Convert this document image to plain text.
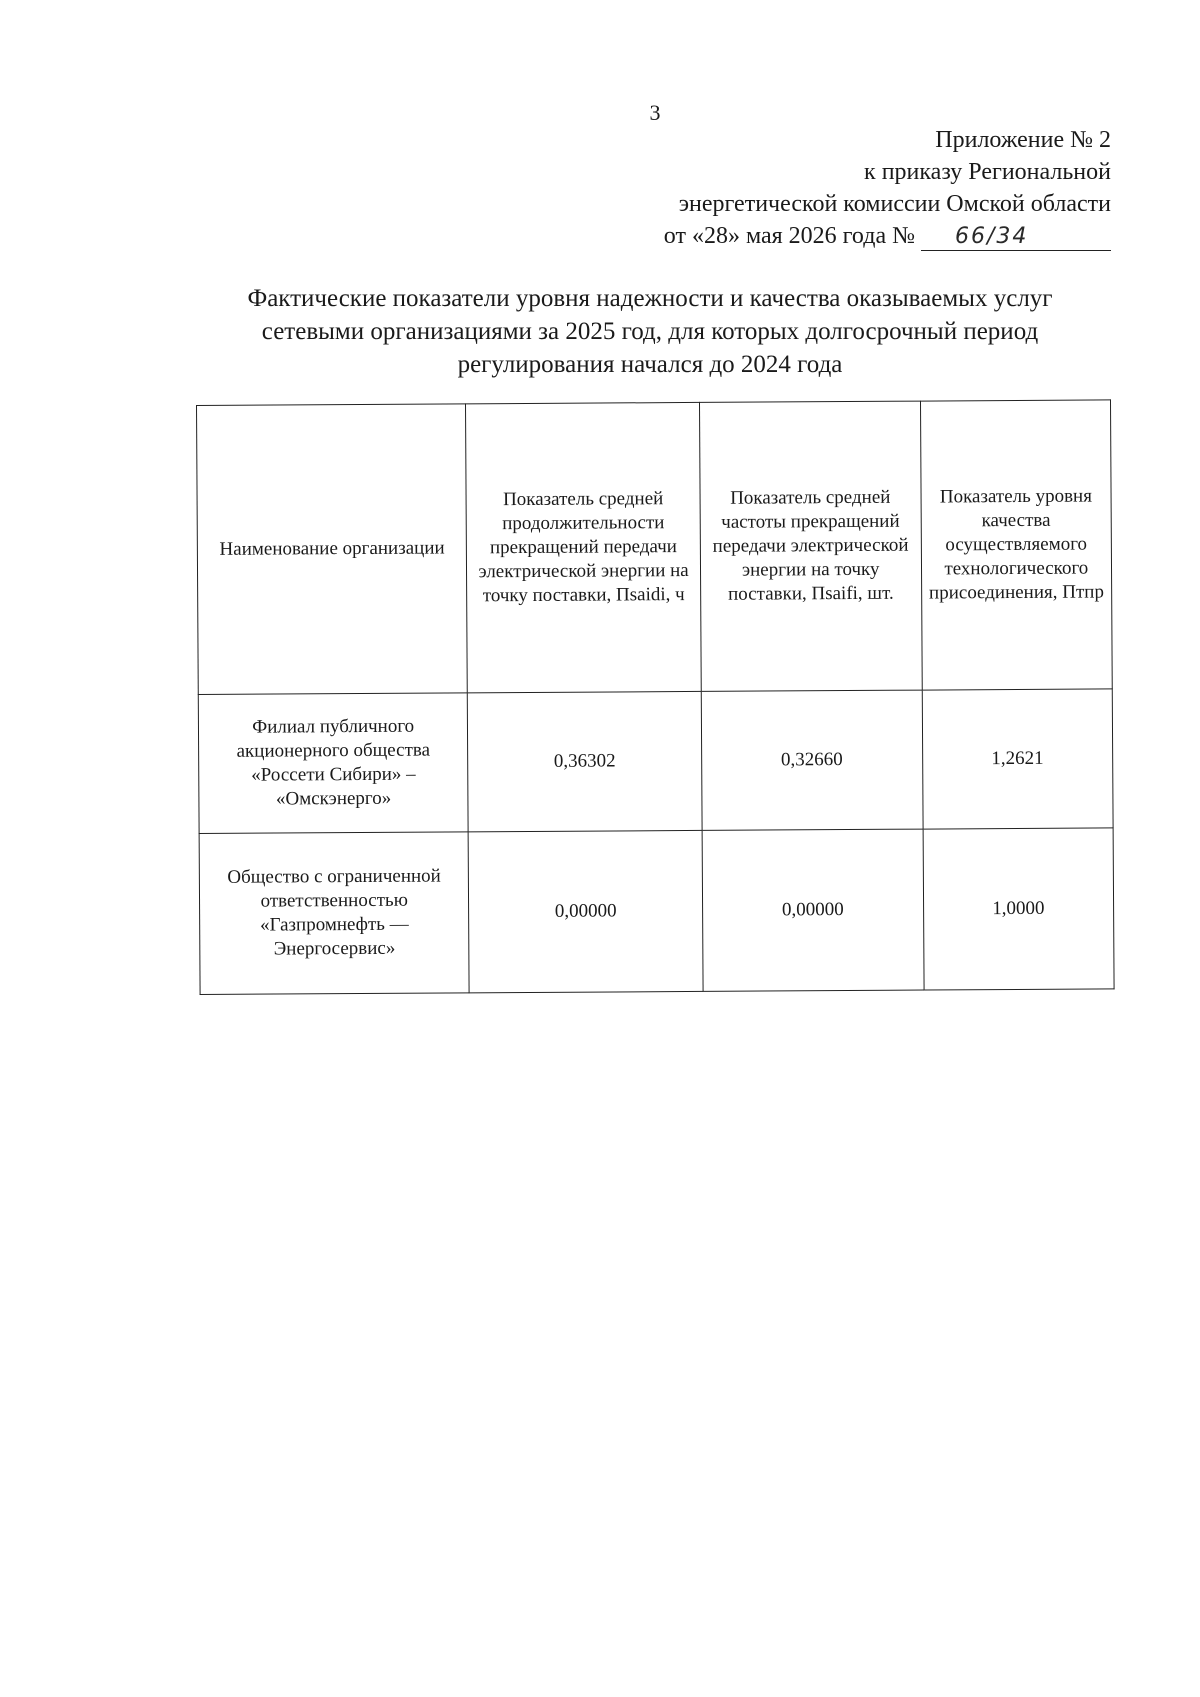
3
Приложение № 2
к приказу Региональной
энергетической комиссии Омской области
от «28» мая 2026 года № 66/34
Фактические показатели уровня надежности и качества оказываемых услуг
сетевыми организациями за 2025 год, для которых долгосрочный период
регулирования начался до 2024 года
Наименование организации	Показатель средней продолжительности прекращений передачи электрической энергии на точку поставки, Пsaidi, ч	Показатель средней частоты прекращений передачи электрической энергии на точку поставки, Пsaifi, шт.	Показатель уровня качества осуществляемого технологического присоединения, Птпр
Филиал публичного акционерного общества «Россети Сибири» – «Омскэнерго»	0,36302	0,32660	1,2621
Общество с ограниченной ответственностью «Газпромнефть — Энергосервис»	0,00000	0,00000	1,0000
